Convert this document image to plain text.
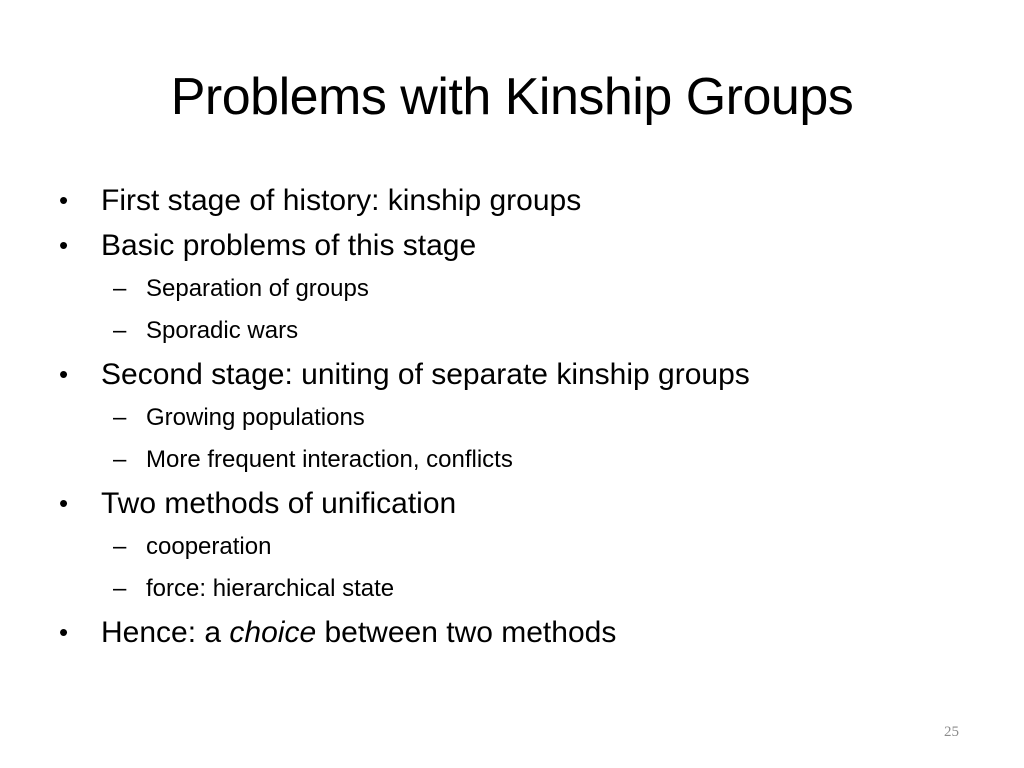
Problems with Kinship Groups
• First stage of history: kinship groups
• Basic problems of this stage
– Separation of groups
– Sporadic wars
• Second stage: uniting of separate kinship groups
– Growing populations
– More frequent interaction, conflicts
• Two methods of unification
– cooperation
– force: hierarchical state
• Hence: a choice between two methods
25
